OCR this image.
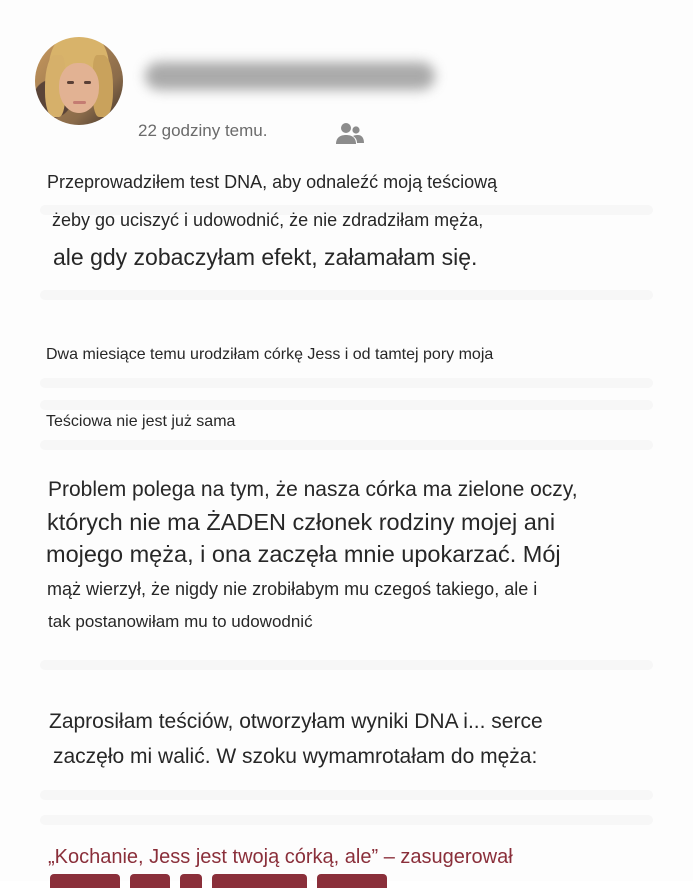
22 godziny temu.
Przeprowadziłem test DNA, aby odnaleźć moją teściową
żeby go uciszyć i udowodnić, że nie zdradziłam męża,
ale gdy zobaczyłam efekt, załamałam się.
Dwa miesiące temu urodziłam córkę Jess i od tamtej pory moja
Teściowa nie jest już sama
Problem polega na tym, że nasza córka ma zielone oczy,
których nie ma ŻADEN członek rodziny mojej ani
mojego męża, i ona zaczęła mnie upokarzać. Mój
mąż wierzył, że nigdy nie zrobiłabym mu czegoś takiego, ale i
tak postanowiłam mu to udowodnić
Zaprosiłam teściów, otworzyłam wyniki DNA i... serce
zaczęło mi walić. W szoku wymamrotałam do męża:
„Kochanie, Jess jest twoją córką, ale” – zasugerował
